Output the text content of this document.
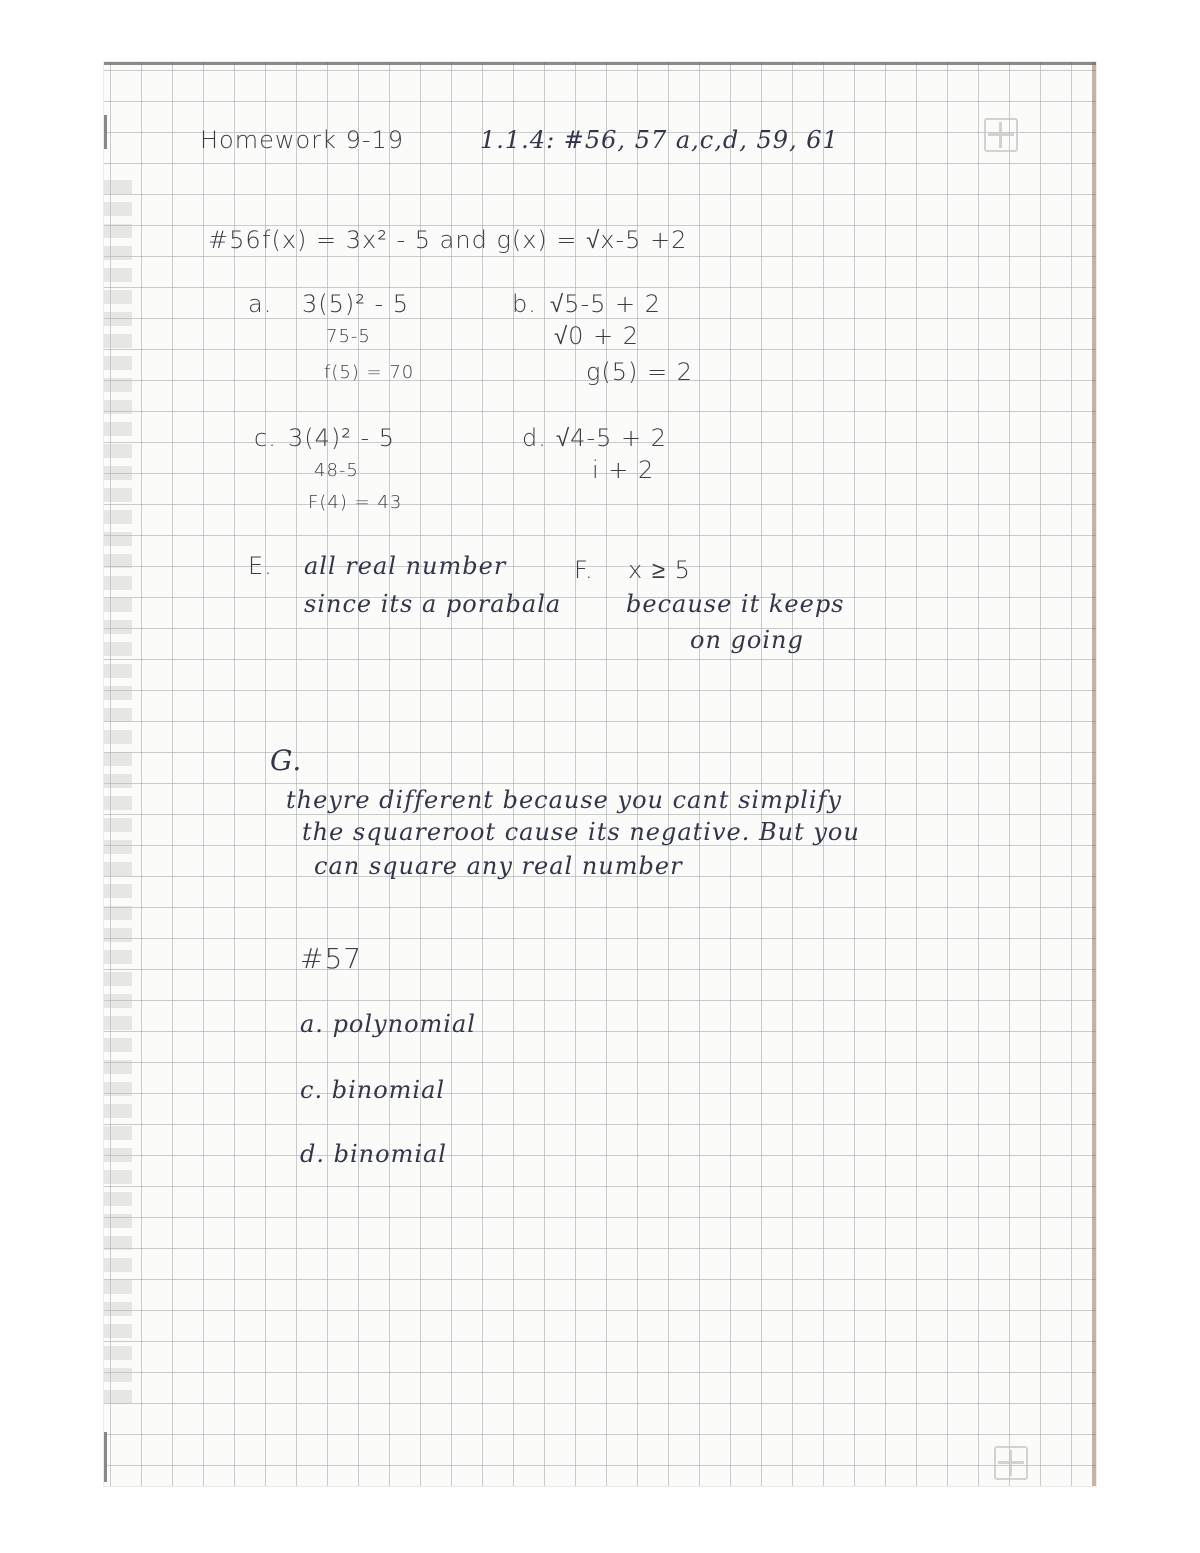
Homework 9-19	1.1.4: #56, 57 a,c,d, 59, 61
#56 f(x) = 3x² - 5 and g(x) = √x-5 +2
a. 3(5)² - 5
75-5
f(5) = 70
b. √5-5 + 2
√0 + 2
g(5) = 2
c. 3(4)² - 5
48-5
F(4) = 43
d. √4-5 + 2
i + 2
E. all real number
since its a porabala
F. x ≥ 5
because it keeps
on going
G.
theyre different because you cant simplify
the squareroot cause its negative. But you
can square any real number
#57
a. polynomial
c. binomial
d. binomial
